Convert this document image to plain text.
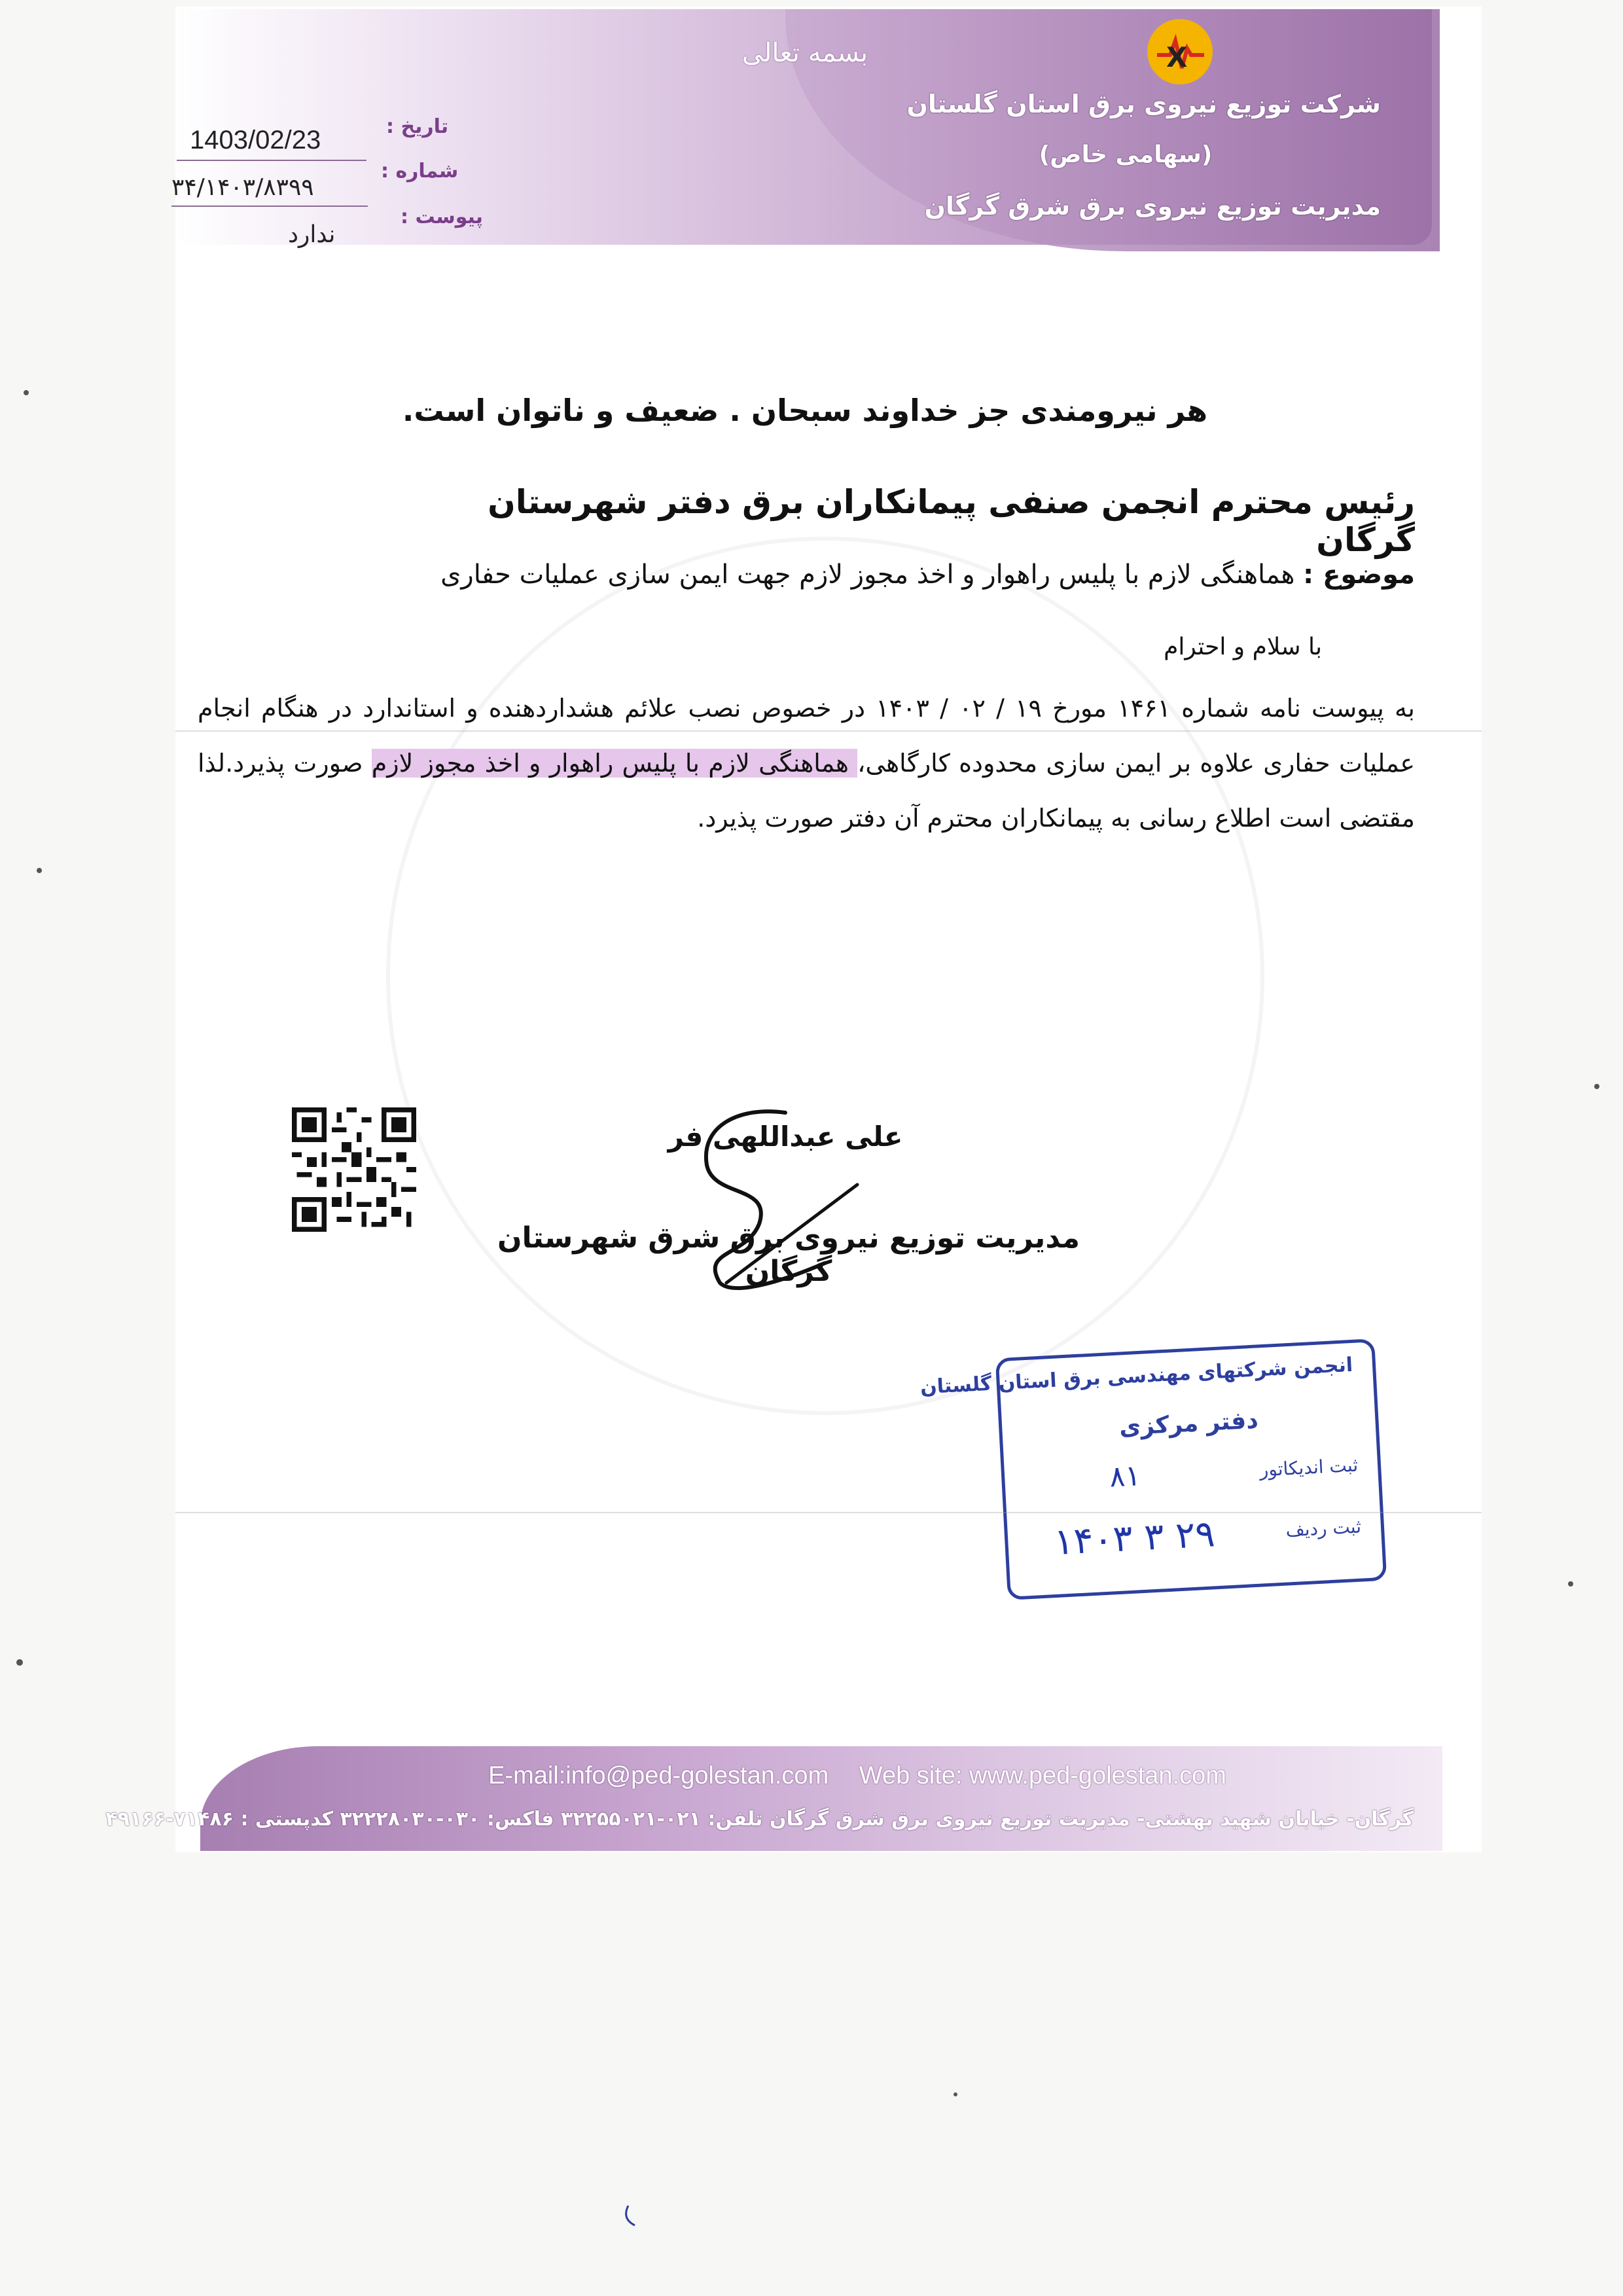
بسمه تعالی	X
شرکت توزیع نیروی برق استان گلستان
(سهامی خاص)
مدیریت توزیع نیروی برق شرق گرگان
تاریخ :
1403/02/23
شماره :
۳۴/۱۴۰۳/۸۳۹۹
پیوست :
ندارد
هر نیرومندی جز خداوند سبحان . ضعیف و ناتوان است.
رئیس محترم انجمن صنفی پیمانکاران برق دفتر شهرستان گرگان
موضوع : هماهنگی لازم با پلیس راهوار و اخذ مجوز لازم جهت ایمن سازی عملیات حفاری
با سلام و احترام
به پیوست نامه شماره ۱۴۶۱ مورخ ۱۹ / ۰۲ / ۱۴۰۳ در خصوص نصب علائم هشداردهنده و استاندارد در هنگام انجام عملیات حفاری علاوه بر ایمن سازی محدوده کارگاهی، هماهنگی لازم با پلیس راهوار و اخذ مجوز لازم صورت پذیرد.لذا مقتضی است اطلاع رسانی به پیمانکاران محترم آن دفتر صورت پذیرد.
علی عبداللهی فر
مدیریت توزیع نیروی برق شرق شهرستان گرگان
انجمن شرکتهای مهندسی برق استان گلستان
دفتر مرکزی
ثبت اندیکاتور
۸۱
ثبت ردیف
۱۴۰۳ ۳ ۲۹
E-mail:info@ped-golestan.com Web site: www.ped-golestan.com
گرگان- خیابان شهید بهشتی- مدیریت توزیع نیروی برق شرق گرگان تلفن: ۰۲۱-۳۲۲۵۵۰۲۱ فاکس: ۰۳۰-۳۲۲۲۸۰۳۰ کدپستی : ۷۱۴۸۶-۴۹۱۶۶
